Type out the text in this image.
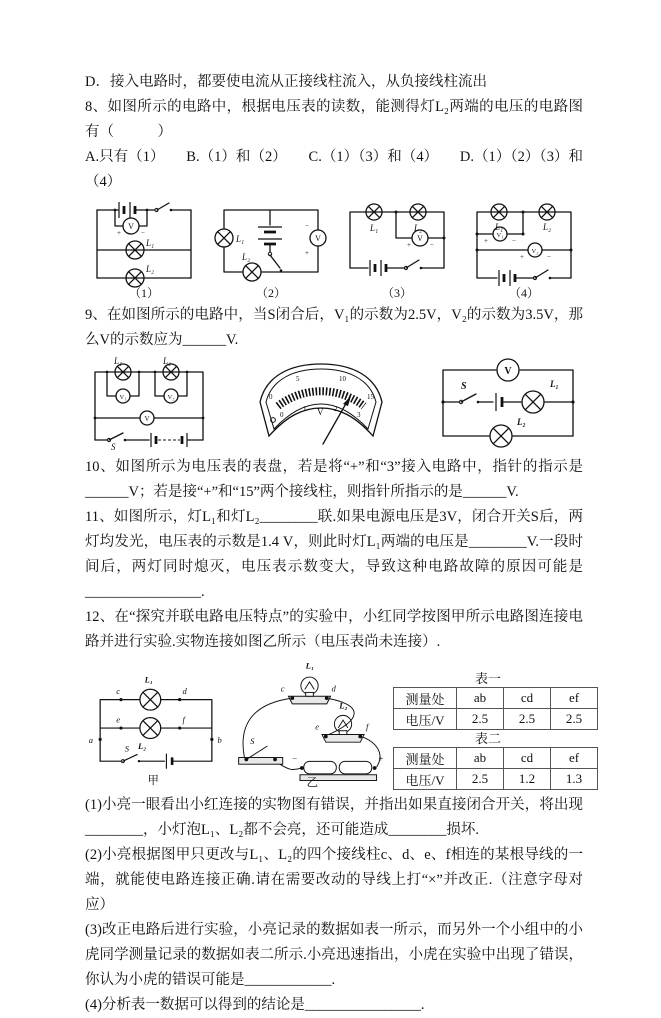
D．接入电路时，都要使电流从正接线柱流入，从负接线柱流出

8、如图所示的电路中，根据电压表的读数，能测得灯L₂两端的电压的电路图有（　　　）

A.只有（1）　　B.（1）和（2）　　C.（1）（3）和（4）　　D.（1）（2）（3）和（4）

V
+	−
L₁
L₂
（1）
L₁	V
−
+
L₂
（2）
L₁	L₂
V
+	−
（3）
L₁	L₂
V₁
+	−
V₂
+	−
（4）

9、在如图所示的电路中，当S闭合后，V₁的示数为2.5V，V₂的示数为3.5V，那么V的示数应为______V.

L₁	L₂
V₁	V₂
V
S
0
5	10
15
0
1	2
3
V
V
S	L₁
L₂

10、如图所示为电压表的表盘，若是将“+”和“3”接入电路中，指针的指示是______V；若是接“+”和“15”两个接线柱，则指针所指示的是______V.

11、如图所示，灯L₁和灯L₂________联.如果电源电压是3V，闭合开关S后，两灯均发光，电压表的示数是1.4 V，则此时灯L₁两端的电压是________V.一段时间后，两灯同时熄灭，电压表示数变大，导致这种电路故障的原因可能是________________.

12、在“探究并联电路电压特点”的实验中，小红同学按图甲所示电路图连接电路并进行实验.实物连接如图乙所示（电压表尚未连接）.

L₁
L₂
c	d
e	f
a	b
S
甲
L₁
c	d
L₂
e	f
S
−	+
乙
表一
测量处	ab	cd	ef
电压/V	2.5	2.5	2.5
表二
测量处	ab	cd	ef
电压/V	2.5	1.2	1.3

(1)小亮一眼看出小红连接的实物图有错误，并指出如果直接闭合开关，将出现________，小灯泡L₁、L₂都不会亮，还可能造成________损坏.

(2)小亮根据图甲只更改与L₁、L₂的四个接线柱c、d、e、f相连的某根导线的一端，就能使电路连接正确.请在需要改动的导线上打“×”并改正.（注意字母对应）

(3)改正电路后进行实验，小亮记录的数据如表一所示，而另外一个小组中的小虎同学测量记录的数据如表二所示.小亮迅速指出，小虎在实验中出现了错误，你认为小虎的错误可能是____________.

(4)分析表一数据可以得到的结论是________________.
